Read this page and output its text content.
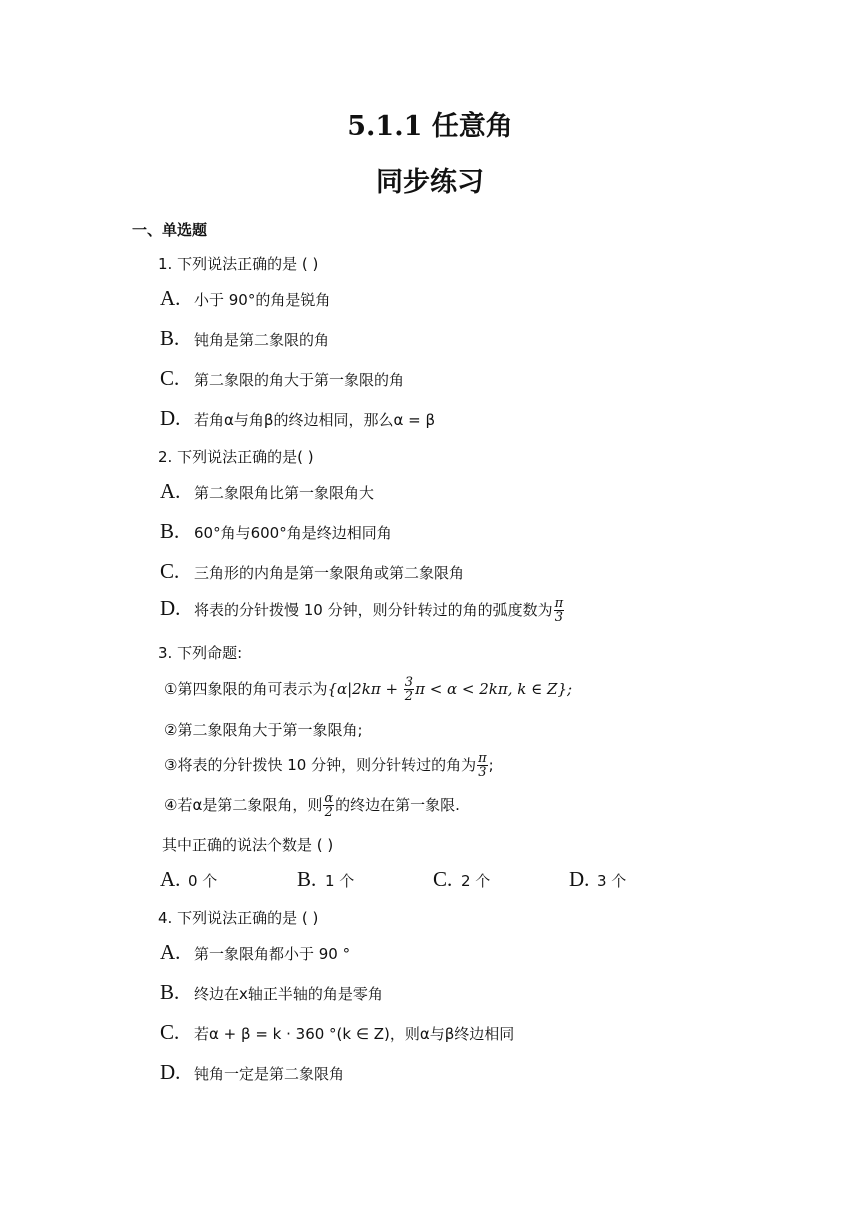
5.1.1 任意角
同步练习
一、单选题
1. 下列说法正确的是 ( )
A. 小于 90°的角是锐角
B. 钝角是第二象限的角
C. 第二象限的角大于第一象限的角
D. 若角α与角β的终边相同，那么α = β
2. 下列说法正确的是( )
A. 第二象限角比第一象限角大
B. 60°角与600°角是终边相同角
C. 三角形的内角是第一象限角或第二象限角
D. 将表的分针拨慢 10 分钟，则分针转过的角的弧度数为 $\frac{\pi}{3}$
3. 下列命题:
①第四象限的角可表示为{$\alpha|2k\pi + \frac{3}{2}$ π < α < 2kπ, k ∈ Z};
②第二象限角大于第一象限角;
③将表的分针拨快 10 分钟，则分针转过的角为 $\frac{\pi}{3}$ ;
④若α是第二象限角，则 $\frac{\alpha}{2}$ 的终边在第一象限.
其中正确的说法个数是 ( )
A. 0 个	B. 1 个	C. 2 个	D. 3 个
4. 下列说法正确的是 ( )
A. 第一象限角都小于 90 °
B. 终边在x轴正半轴的角是零角
C. 若α + β = k · 360 °(k ∈ Z)，则α与β终边相同
D. 钝角一定是第二象限角
